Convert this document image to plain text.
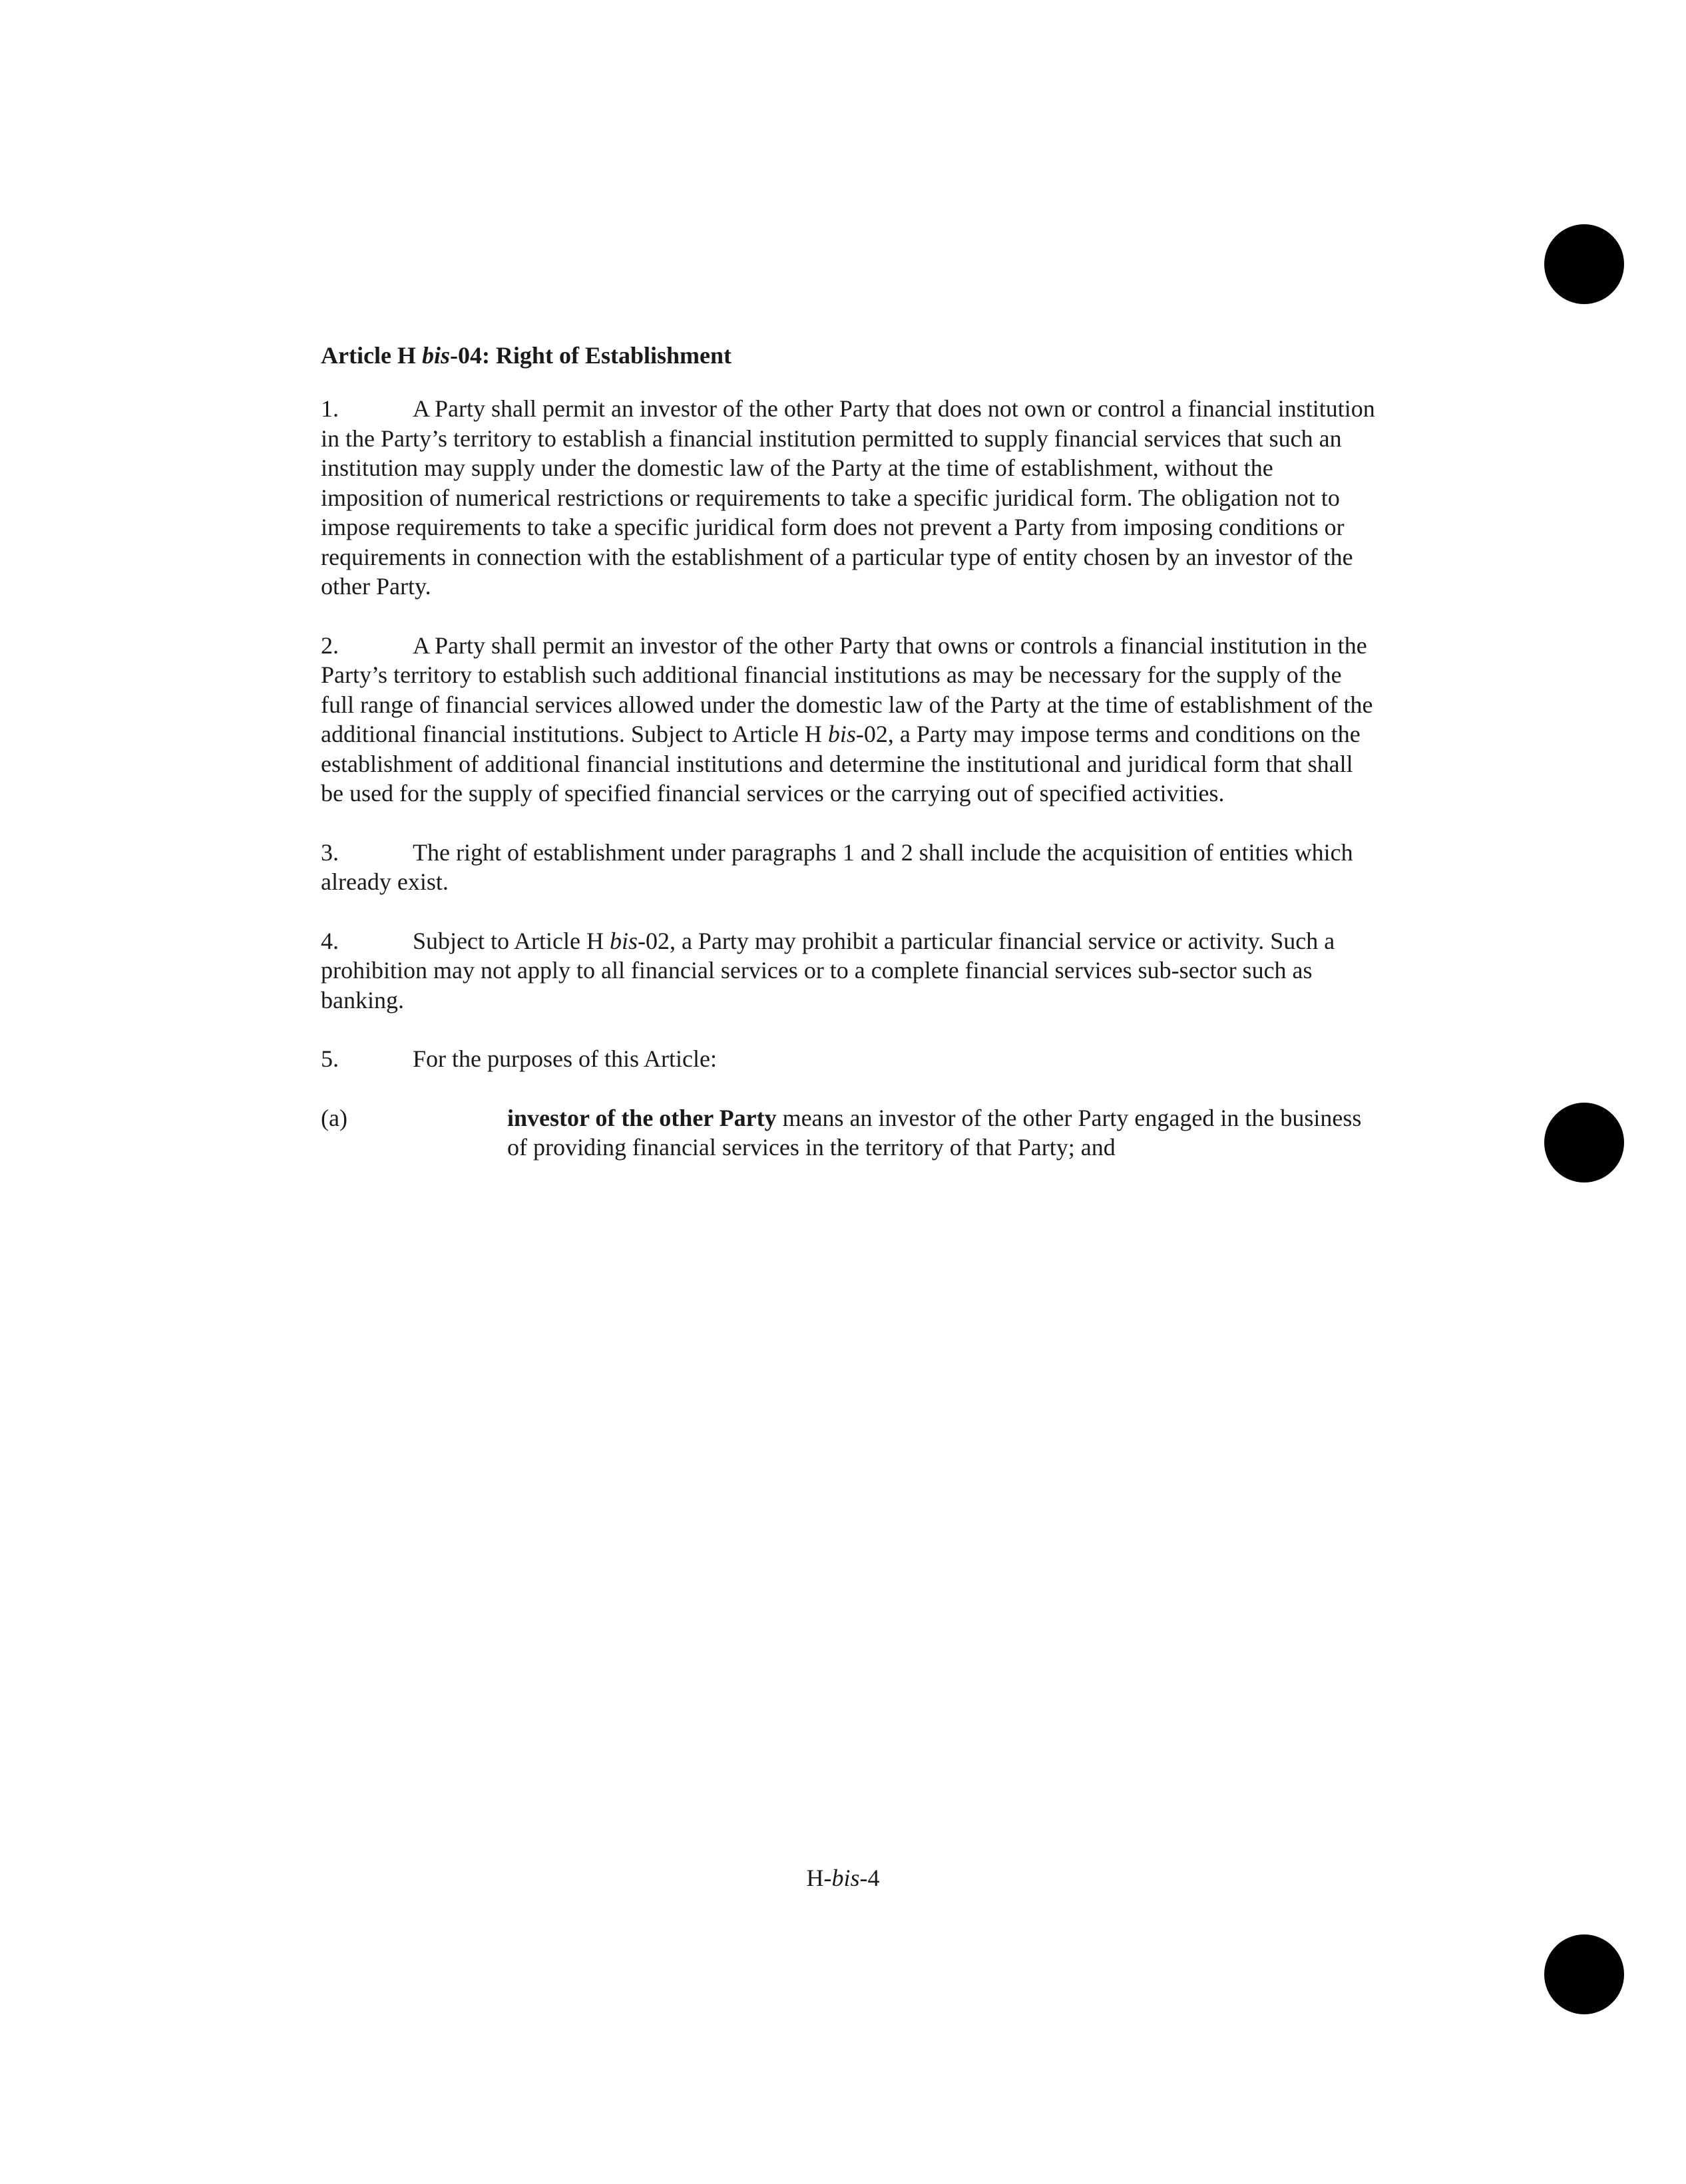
Article H bis-04: Right of Establishment
1.	A Party shall permit an investor of the other Party that does not own or control a financial institution in the Party’s territory to establish a financial institution permitted to supply financial services that such an institution may supply under the domestic law of the Party at the time of establishment, without the imposition of numerical restrictions or requirements to take a specific juridical form. The obligation not to impose requirements to take a specific juridical form does not prevent a Party from imposing conditions or requirements in connection with the establishment of a particular type of entity chosen by an investor of the other Party.
2.	A Party shall permit an investor of the other Party that owns or controls a financial institution in the Party’s territory to establish such additional financial institutions as may be necessary for the supply of the full range of financial services allowed under the domestic law of the Party at the time of establishment of the additional financial institutions. Subject to Article H bis-02, a Party may impose terms and conditions on the establishment of additional financial institutions and determine the institutional and juridical form that shall be used for the supply of specified financial services or the carrying out of specified activities.
3.	The right of establishment under paragraphs 1 and 2 shall include the acquisition of entities which already exist.
4.	Subject to Article H bis-02, a Party may prohibit a particular financial service or activity. Such a prohibition may not apply to all financial services or to a complete financial services sub-sector such as banking.
5.	For the purposes of this Article:
(a)	investor of the other Party means an investor of the other Party engaged in the business of providing financial services in the territory of that Party; and
H-bis-4
